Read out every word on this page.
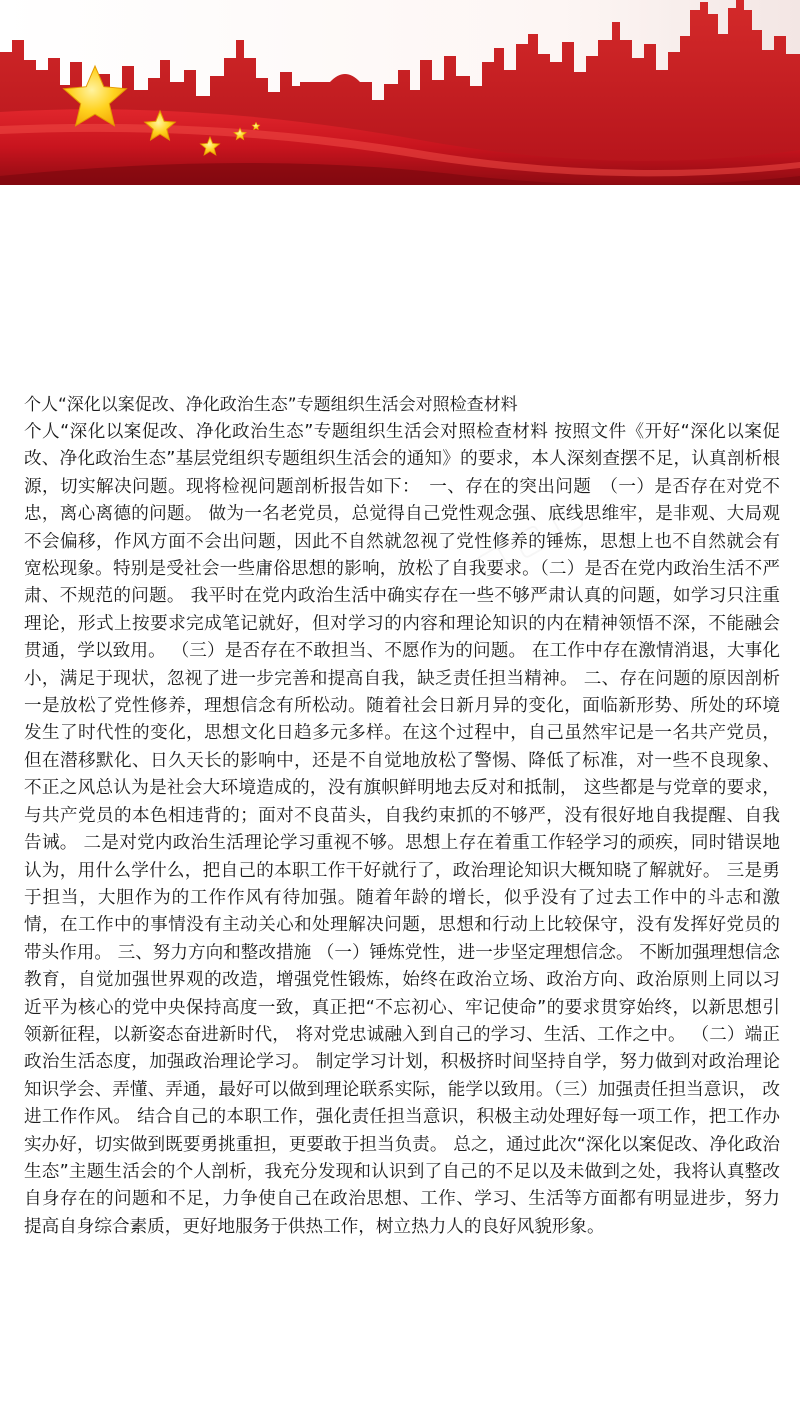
个人“深化以案促改、净化政治生态”专题组织生活会对照检查材料

个人“深化以案促改、净化政治生态”专题组织生活会对照检查材料 按照文件《开好“深化以案促改、净化政治生态”基层党组织专题组织生活会的通知》的要求，本人深刻查摆不足，认真剖析根源，切实解决问题。现将检视问题剖析报告如下：　一、存在的突出问题　（一）是否存在对党不忠，离心离德的问题。 做为一名老党员，总觉得自己党性观念强、底线思维牢，是非观、大局观不会偏移，作风方面不会出问题，因此不自然就忽视了党性修养的锤炼，思想上也不自然就会有宽松现象。特别是受社会一些庸俗思想的影响，放松了自我要求。（二）是否在党内政治生活不严肃、不规范的问题。 我平时在党内政治生活中确实存在一些不够严肃认真的问题，如学习只注重理论，形式上按要求完成笔记就好，但对学习的内容和理论知识的内在精神领悟不深，不能融会贯通，学以致用。 （三）是否存在不敢担当、不愿作为的问题。 在工作中存在激情消退，大事化小，满足于现状，忽视了进一步完善和提高自我，缺乏责任担当精神。 二、存在问题的原因剖析 一是放松了党性修养，理想信念有所松动。随着社会日新月异的变化，面临新形势、所处的环境发生了时代性的变化，思想文化日趋多元多样。在这个过程中，自己虽然牢记是一名共产党员，但在潜移默化、日久天长的影响中，还是不自觉地放松了警惕、降低了标准，对一些不良现象、不正之风总认为是社会大环境造成的，没有旗帜鲜明地去反对和抵制， 这些都是与党章的要求，与共产党员的本色相违背的；面对不良苗头，自我约束抓的不够严，没有很好地自我提醒、自我告诫。 二是对党内政治生活理论学习重视不够。思想上存在着重工作轻学习的顽疾，同时错误地认为，用什么学什么，把自己的本职工作干好就行了，政治理论知识大概知晓了解就好。 三是勇于担当，大胆作为的工作作风有待加强。随着年龄的增长，似乎没有了过去工作中的斗志和激情，在工作中的事情没有主动关心和处理解决问题，思想和行动上比较保守，没有发挥好党员的带头作用。 三、努力方向和整改措施 （一）锤炼党性，进一步坚定理想信念。 不断加强理想信念教育，自觉加强世界观的改造，增强党性锻炼，始终在政治立场、政治方向、政治原则上同以习近平为核心的党中央保持高度一致，真正把“不忘初心、牢记使命”的要求贯穿始终，以新思想引领新征程，以新姿态奋进新时代， 将对党忠诚融入到自己的学习、生活、工作之中。 （二）端正政治生活态度，加强政治理论学习。 制定学习计划，积极挤时间坚持自学，努力做到对政治理论知识学会、弄懂、弄通，最好可以做到理论联系实际，能学以致用。（三）加强责任担当意识， 改进工作作风。 结合自己的本职工作，强化责任担当意识，积极主动处理好每一项工作，把工作办实办好，切实做到既要勇挑重担，更要敢于担当负责。 总之，通过此次“深化以案促改、净化政治生态”主题生活会的个人剖析，我充分发现和认识到了自己的不足以及未做到之处，我将认真整改自身存在的问题和不足，力争使自己在政治思想、工作、学习、生活等方面都有明显进步，努力提高自身综合素质，更好地服务于供热工作，树立热力人的良好风貌形象。
